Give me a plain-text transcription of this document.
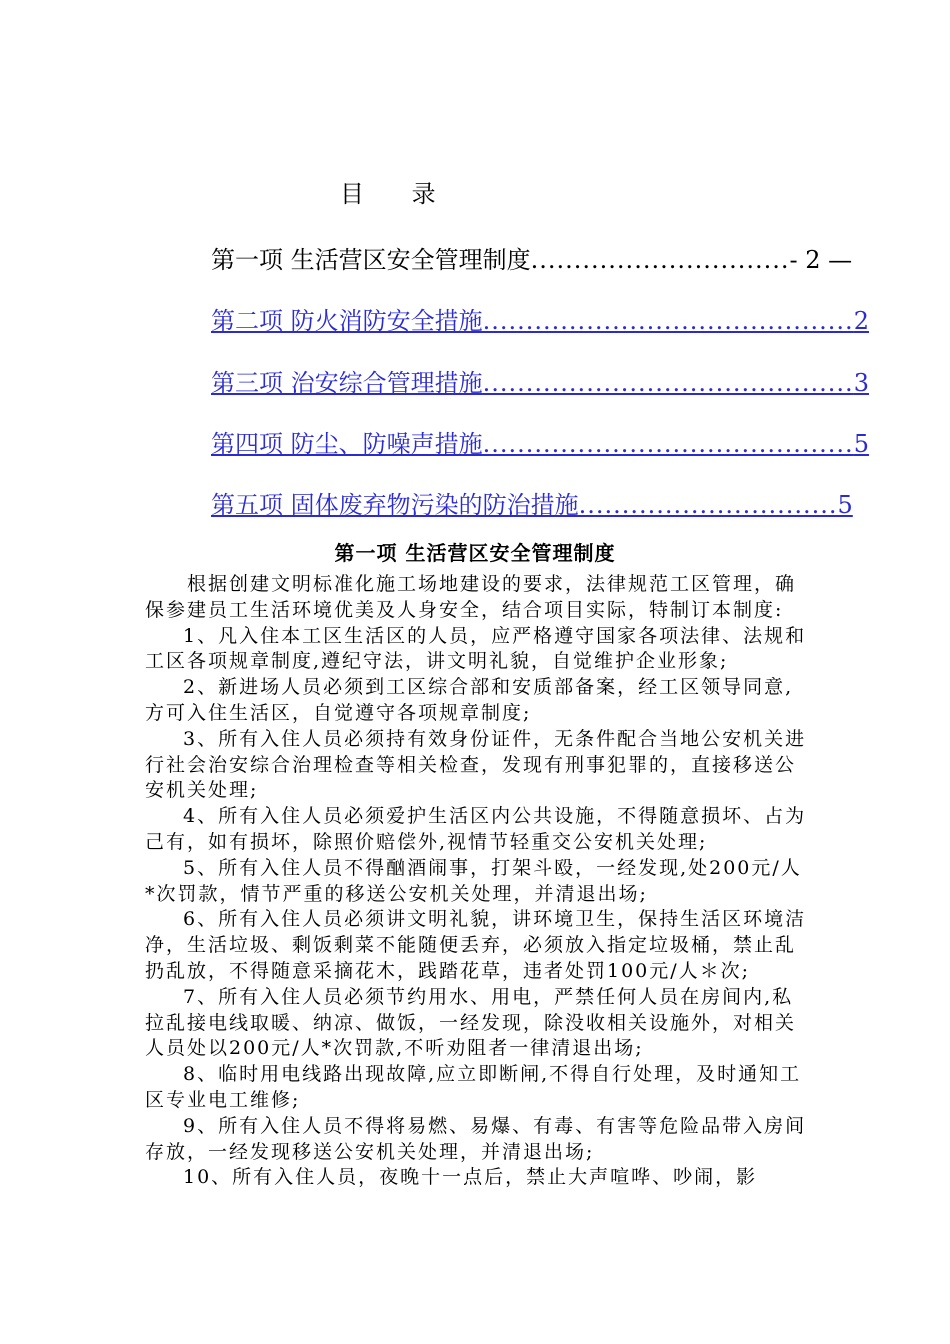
目 录
第一项 生活营区安全管理制度 .............................. - 2 —
第二项 防火消防安全措施 ........................................... 2
第三项 治安综合管理措施 ........................................... 3
第四项 防尘、防噪声措施 ........................................... 5
第五项 固体废弃物污染的防治措施 .............................. 5
第一项 生活营区安全管理制度

根据创建文明标准化施工场地建设的要求，法律规范工区管理，确保参建员工生活环境优美及人身安全，结合项目实际，特制订本制度:

1、凡入住本工区生活区的人员，应严格遵守国家各项法律、法规和工区各项规章制度,遵纪守法，讲文明礼貌，自觉维护企业形象;

2、新进场人员必须到工区综合部和安质部备案，经工区领导同意,方可入住生活区，自觉遵守各项规章制度;

3、所有入住人员必须持有效身份证件，无条件配合当地公安机关进行社会治安综合治理检查等相关检查，发现有刑事犯罪的，直接移送公安机关处理;

4、所有入住人员必须爱护生活区内公共设施，不得随意损坏、占为己有，如有损坏，除照价赔偿外,视情节轻重交公安机关处理;

5、所有入住人员不得酗酒闹事，打架斗殴，一经发现,处200元/人*次罚款，情节严重的移送公安机关处理，并清退出场;

6、所有入住人员必须讲文明礼貌，讲环境卫生，保持生活区环境洁净，生活垃圾、剩饭剩菜不能随便丢弃，必须放入指定垃圾桶，禁止乱扔乱放，不得随意采摘花木，践踏花草，违者处罚100元/人＊次;

7、所有入住人员必须节约用水、用电，严禁任何人员在房间内,私拉乱接电线取暖、纳凉、做饭，一经发现，除没收相关设施外，对相关人员处以200元/人*次罚款,不听劝阻者一律清退出场;

8、临时用电线路出现故障,应立即断闸,不得自行处理，及时通知工区专业电工维修;

9、所有入住人员不得将易燃、易爆、有毒、有害等危险品带入房间存放，一经发现移送公安机关处理，并清退出场;

10、所有入住人员，夜晚十一点后，禁止大声喧哗、吵闹，影
